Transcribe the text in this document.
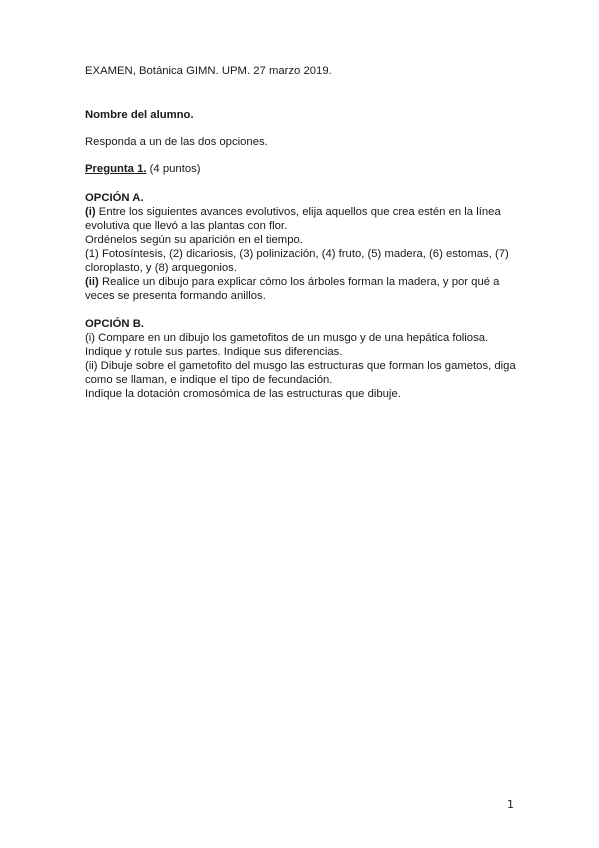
EXAMEN, Botánica GIMN. UPM. 27 marzo 2019.
Nombre del alumno.
Responda a un de las dos opciones.
Pregunta 1. (4 puntos)
OPCIÓN A.
(i) Entre los siguientes avances evolutivos, elija aquellos que crea estén en la línea
evolutiva que llevó a las plantas con flor.
Ordénelos según su aparición en el tiempo.
(1) Fotosíntesis, (2) dicariosis, (3) polinización, (4) fruto, (5) madera, (6) estomas, (7)
cloroplasto, y (8) arquegonios.
(ii) Realice un dibujo para explicar cómo los árboles forman la madera, y por qué a
veces se presenta formando anillos.
OPCIÓN B.
(i) Compare en un dibujo los gametofitos de un musgo y de una hepática foliosa.
Indique y rotule sus partes. Indique sus diferencias.
(ii) Dibuje sobre el gametofito del musgo las estructuras que forman los gametos, diga
como se llaman, e indique el tipo de fecundación.
Indique la dotación cromosómica de las estructuras que dibuje.
1
